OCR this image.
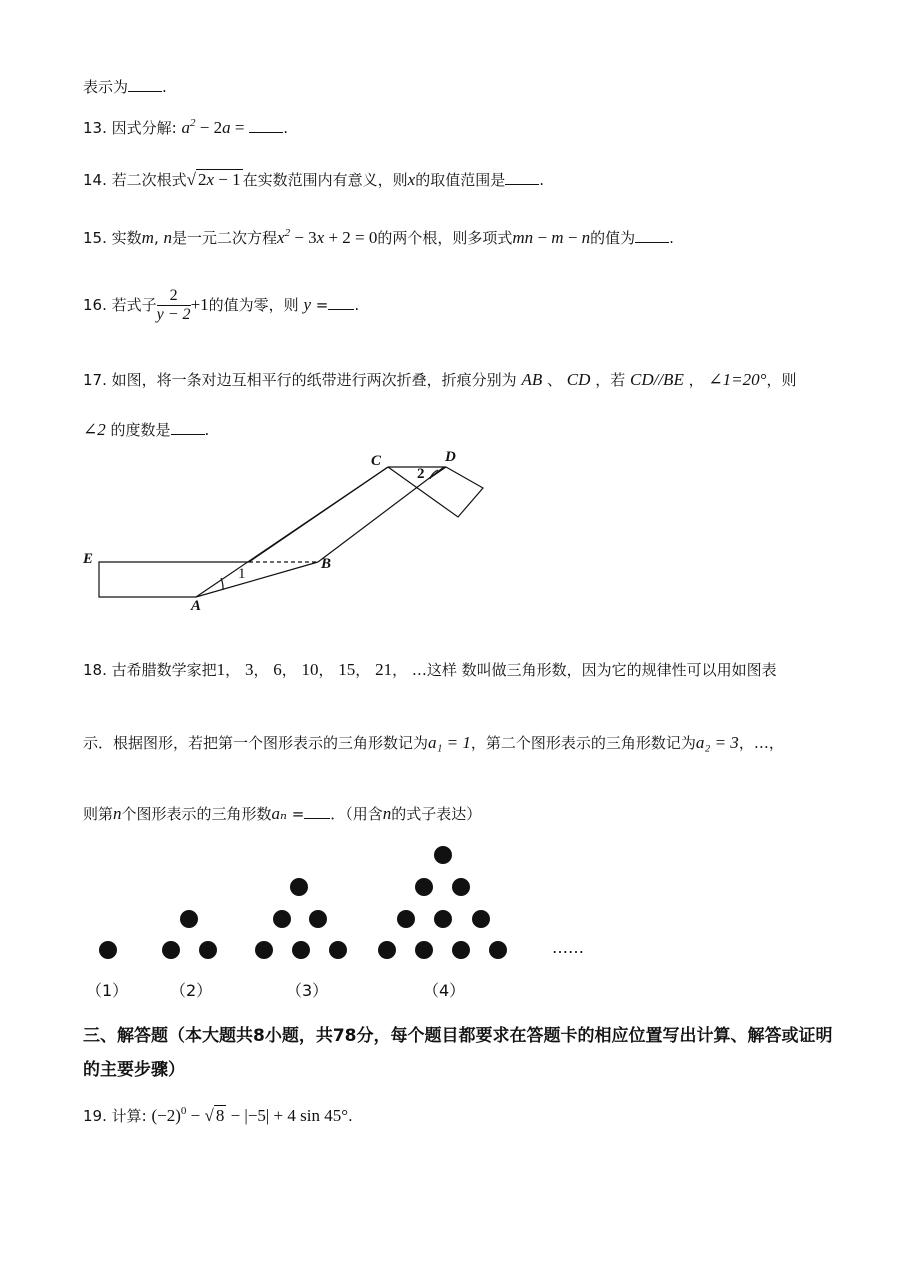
表示为 .
13. 因式分解: $a^2 - 2a$ =	.
14. 若二次根式√ 2x − 1 在实数范围内有意义，则x的取值范围是 .
15. 实数m, n是一元二次方程$x^2 - 3x + 2 = 0$的两个根，则多项式mn − m − n的值为 .
16. 若式子 $\frac{2}{y - 2} +1$的值为零，则 y = .
17. 如图，将一条对边互相平行的纸带进行两次折叠，折痕分别为 AB 、 CD ，若 CD//BE ， ∠1=20°，则
∠2 的度数是 .
E
A
B
C	D
1
2
18. 古希腊数学家把1， 3， 6， 10， 15， 21， …这样 数叫做三角形数，因为它的规律性可以用如图表
示．根据图形，若把第一个图形表示的三角形数记为a₁ = 1，第二个图形表示的三角形数记为a₂ = 3，…，
则第n个图形表示的三角形数aₙ = ．（用含n的式子表达）
……
（1）	（2）	（3）	（4）
三、解答题（本大题共8小题，共78分，每个题目都要求在答题卡的相应位置写出计算、解答或证明的主要步骤）
19. 计算: $(-2)^0$ − √ 8 − |−5| + 4 sin 45°.
